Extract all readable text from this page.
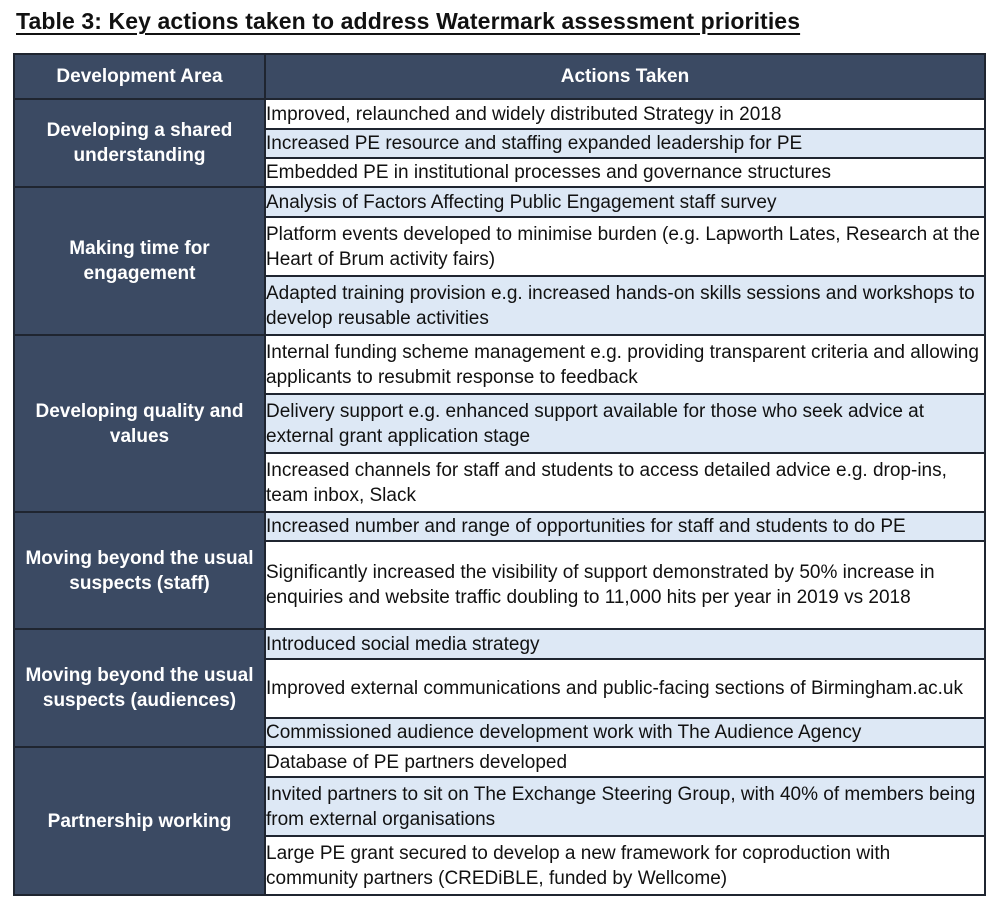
Table 3: Key actions taken to address Watermark assessment priorities
Development Area	Actions Taken
Developing a shared understanding	Improved, relaunched and widely distributed Strategy in 2018
	Increased PE resource and staffing expanded leadership for PE
	Embedded PE in institutional processes and governance structures
Making time for engagement	Analysis of Factors Affecting Public Engagement staff survey
	Platform events developed to minimise burden (e.g. Lapworth Lates, Research at the Heart of Brum activity fairs)
	Adapted training provision e.g. increased hands-on skills sessions and workshops to develop reusable activities
Developing quality and values	Internal funding scheme management e.g. providing transparent criteria and allowing applicants to resubmit response to feedback
	Delivery support e.g. enhanced support available for those who seek advice at external grant application stage
	Increased channels for staff and students to access detailed advice e.g. drop-ins, team inbox, Slack
Moving beyond the usual suspects (staff)	Increased number and range of opportunities for staff and students to do PE
	Significantly increased the visibility of support demonstrated by 50% increase in enquiries and website traffic doubling to 11,000 hits per year in 2019 vs 2018
Moving beyond the usual suspects (audiences)	Introduced social media strategy
	Improved external communications and public-facing sections of Birmingham.ac.uk
	Commissioned audience development work with The Audience Agency
Partnership working	Database of PE partners developed
	Invited partners to sit on The Exchange Steering Group, with 40% of members being from external organisations
	Large PE grant secured to develop a new framework for coproduction with community partners (CREDiBLE, funded by Wellcome)
